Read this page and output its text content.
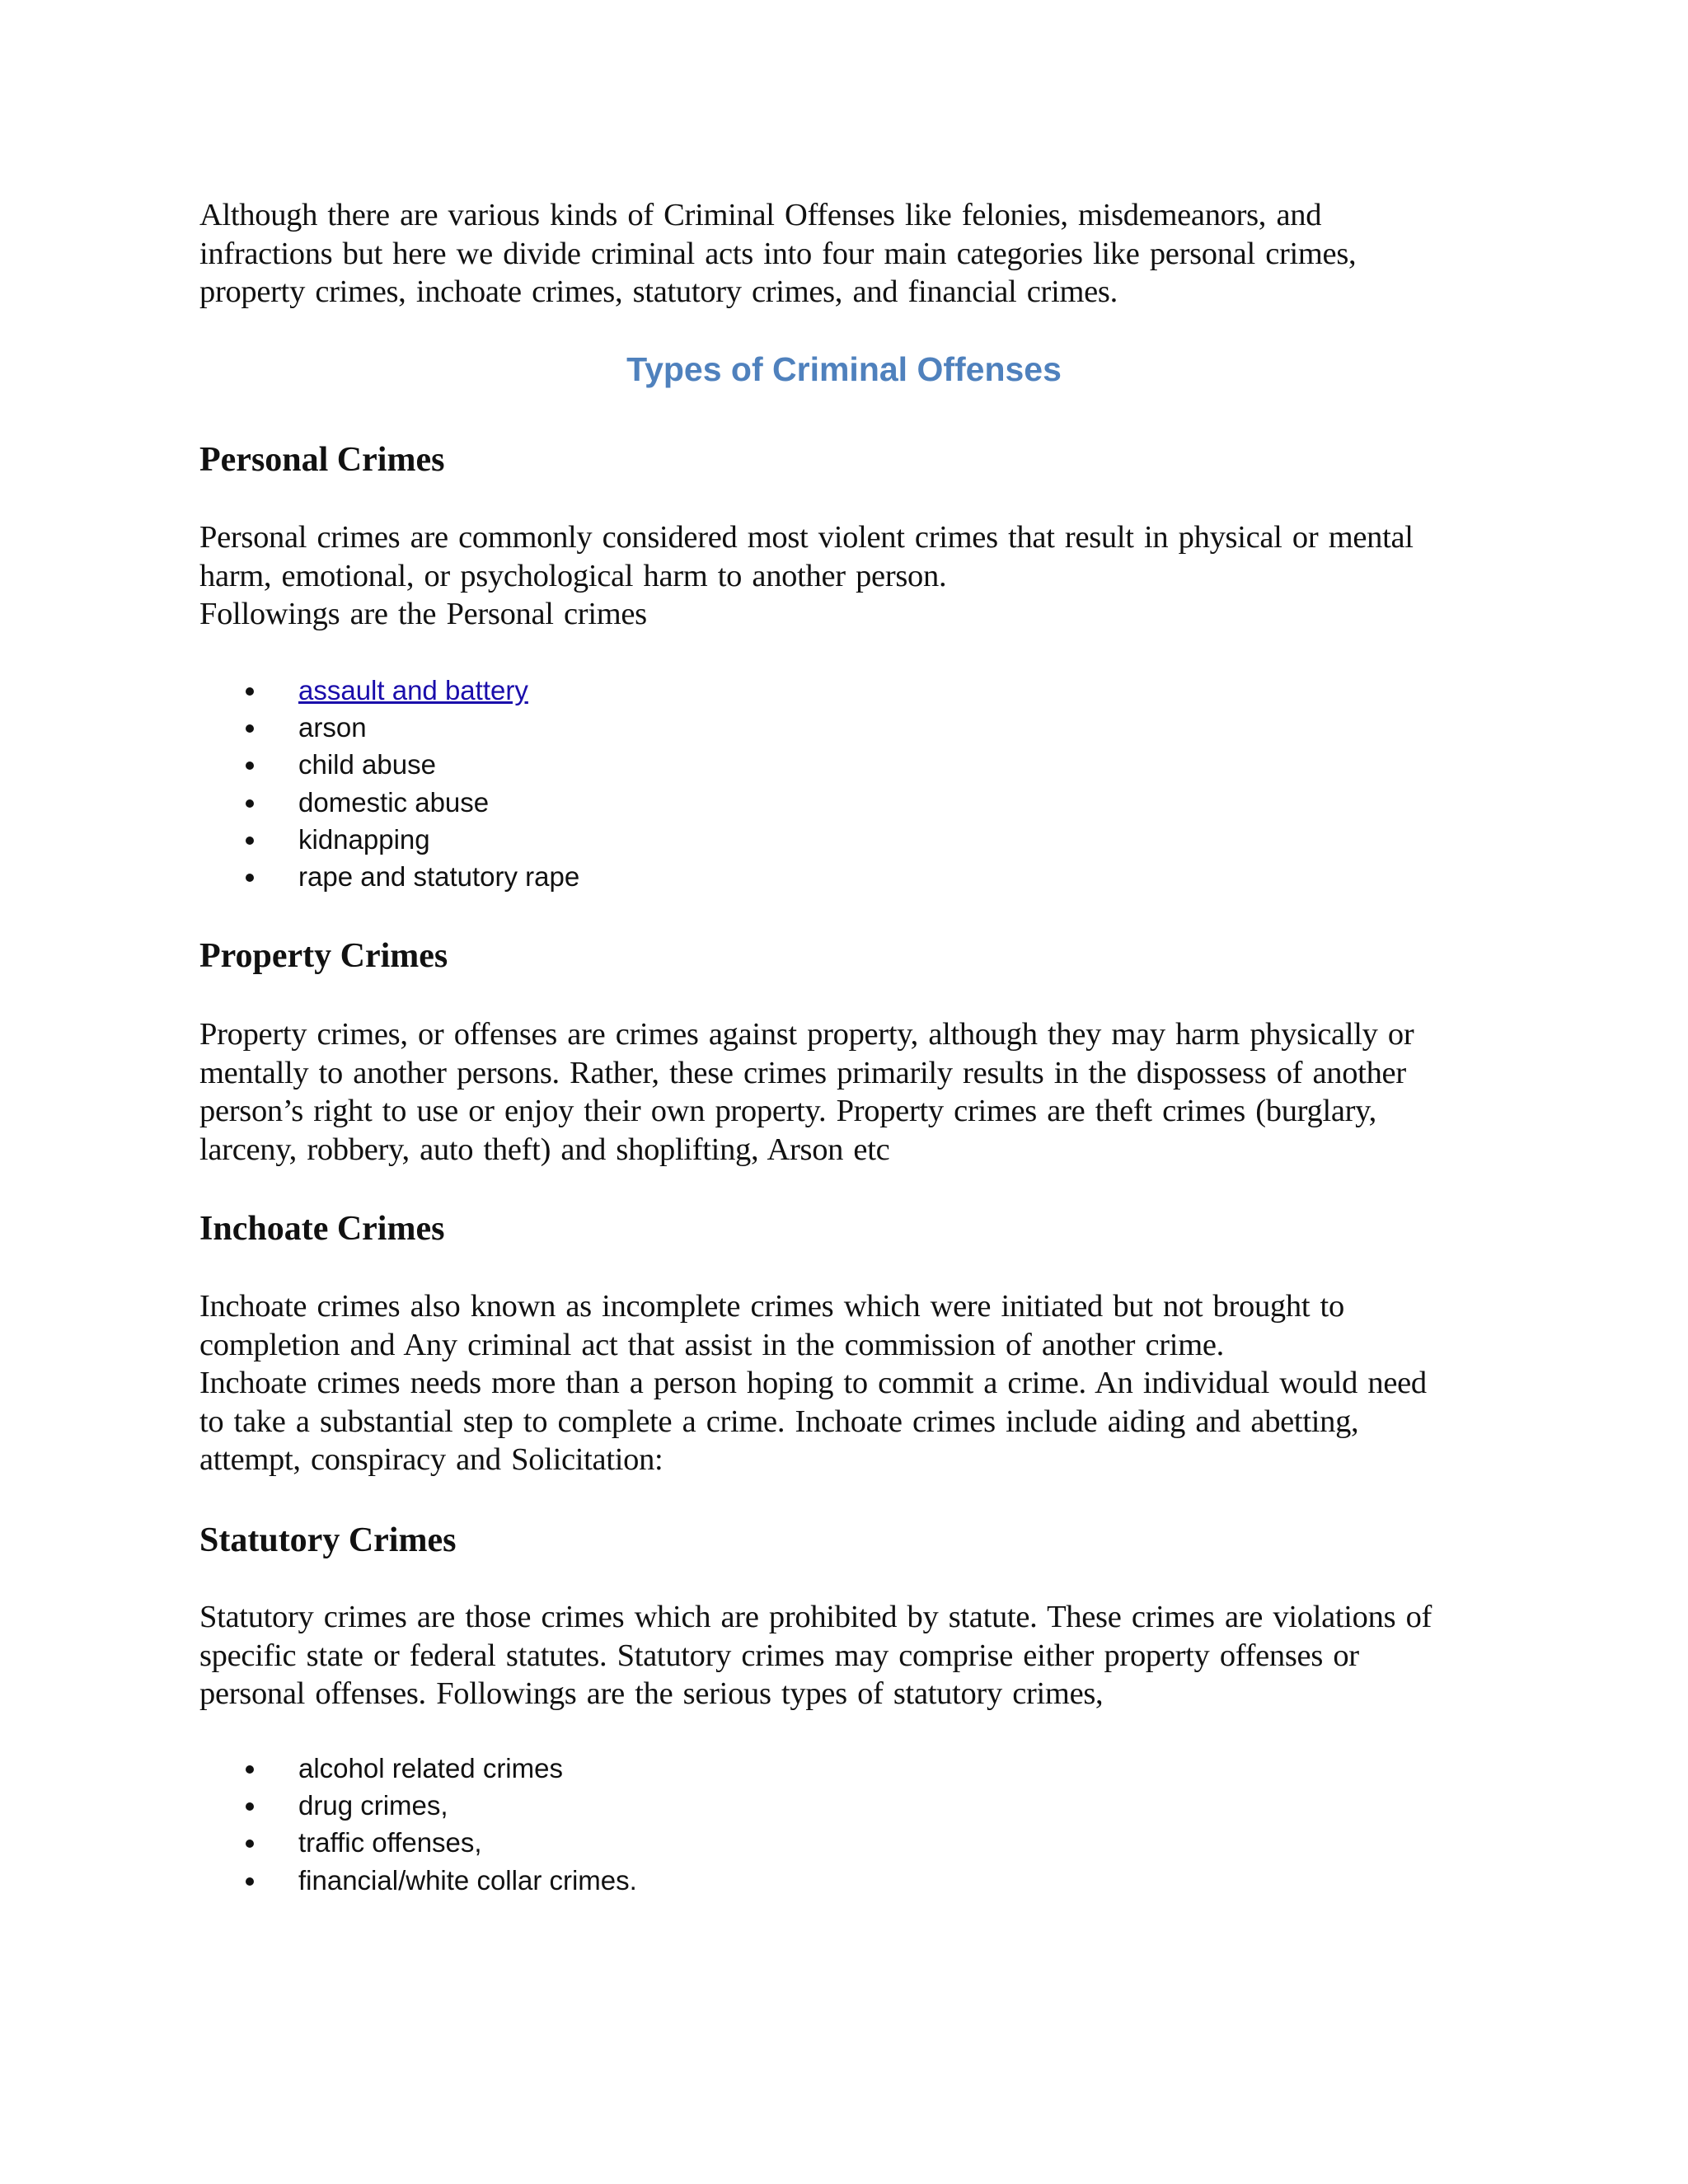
Although there are various kinds of Criminal Offenses like felonies, misdemeanors, and
infractions but here we divide criminal acts into four main categories like personal crimes,
property crimes, inchoate crimes, statutory crimes, and financial crimes.

Types of Criminal Offenses
Personal Crimes

Personal crimes are commonly considered most violent crimes that result in physical or mental
harm, emotional, or psychological harm to another person.
Followings are the Personal crimes

assault and battery
arson
child abuse
domestic abuse
kidnapping
rape and statutory rape
Property Crimes

Property crimes, or offenses are crimes against property, although they may harm physically or
mentally to another persons. Rather, these crimes primarily results in the dispossess of another
person’s right to use or enjoy their own property. Property crimes are theft crimes (burglary,
larceny, robbery, auto theft) and shoplifting, Arson etc

Inchoate Crimes

Inchoate crimes also known as incomplete crimes which were initiated but not brought to
completion and Any criminal act that assist in the commission of another crime.
Inchoate crimes needs more than a person hoping to commit a crime. An individual would need
to take a substantial step to complete a crime. Inchoate crimes include aiding and abetting,
attempt, conspiracy and Solicitation:

Statutory Crimes

Statutory crimes are those crimes which are prohibited by statute. These crimes are violations of
specific state or federal statutes. Statutory crimes may comprise either property offenses or
personal offenses. Followings are the serious types of statutory crimes,

alcohol related crimes
drug crimes,
traffic offenses,
financial/white collar crimes.
